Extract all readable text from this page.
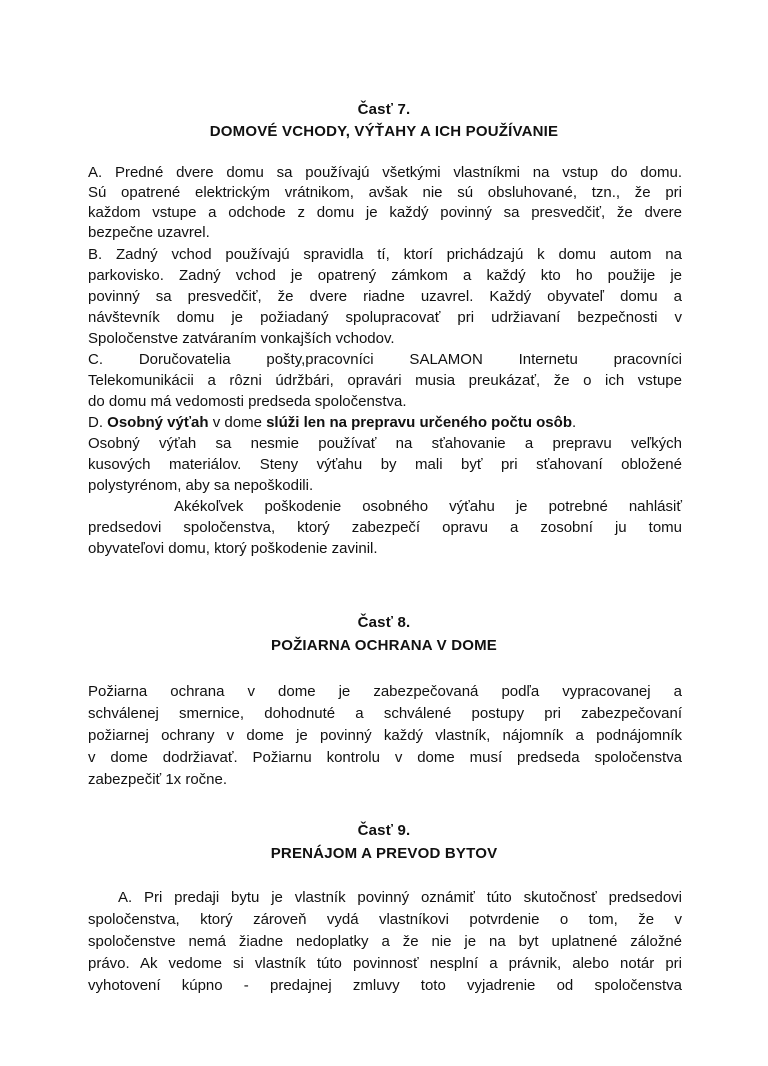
Časť 7.
DOMOVÉ VCHODY, VÝŤAHY A ICH POUŽÍVANIE
A. Predné dvere domu sa používajú všetkými vlastníkmi na vstup do domu.
Sú opatrené elektrickým vrátnikom, avšak nie sú obsluhované, tzn., že pri
každom vstupe a odchode z domu je každý povinný sa presvedčiť, že dvere
bezpečne uzavrel.
B. Zadný vchod používajú spravidla tí, ktorí prichádzajú k domu autom na
parkovisko. Zadný vchod je opatrený zámkom a každý kto ho použije je
povinný sa presvedčiť, že dvere riadne uzavrel. Každý obyvateľ domu a
návštevník domu je požiadaný spolupracovať pri udržiavaní bezpečnosti v
Spoločenstve zatváraním vonkajších vchodov.
C. Doručovatelia pošty,pracovníci SALAMON Internetu pracovníci
Telekomunikácii a rôzni údržbári, opravári musia preukázať, že o ich vstupe
do domu má vedomosti predseda spoločenstva.
D. Osobný výťah v dome slúži len na prepravu určeného počtu osôb.
Osobný výťah sa nesmie používať na sťahovanie a prepravu veľkých
kusových materiálov. Steny výťahu by mali byť pri sťahovaní obložené
polystyrénom, aby sa nepoškodili.
Akékoľvek poškodenie osobného výťahu je potrebné nahlásiť
predsedovi spoločenstva, ktorý zabezpečí opravu a zosobní ju tomu
obyvateľovi domu, ktorý poškodenie zavinil.
Časť 8.
POŽIARNA OCHRANA V DOME
Požiarna ochrana v dome je zabezpečovaná podľa vypracovanej a
schválenej smernice, dohodnuté a schválené postupy pri zabezpečovaní
požiarnej ochrany v dome je povinný každý vlastník, nájomník a podnájomník
v dome dodržiavať. Požiarnu kontrolu v dome musí predseda spoločenstva
zabezpečiť 1x ročne.
Časť 9.
PRENÁJOM A PREVOD BYTOV
A. Pri predaji bytu je vlastník povinný oznámiť túto skutočnosť predsedovi
spoločenstva, ktorý zároveň vydá vlastníkovi potvrdenie o tom, že v
spoločenstve nemá žiadne nedoplatky a že nie je na byt uplatnené záložné
právo. Ak vedome si vlastník túto povinnosť nesplní a právnik, alebo notár pri
vyhotovení kúpno - predajnej zmluvy toto vyjadrenie od spoločenstva
